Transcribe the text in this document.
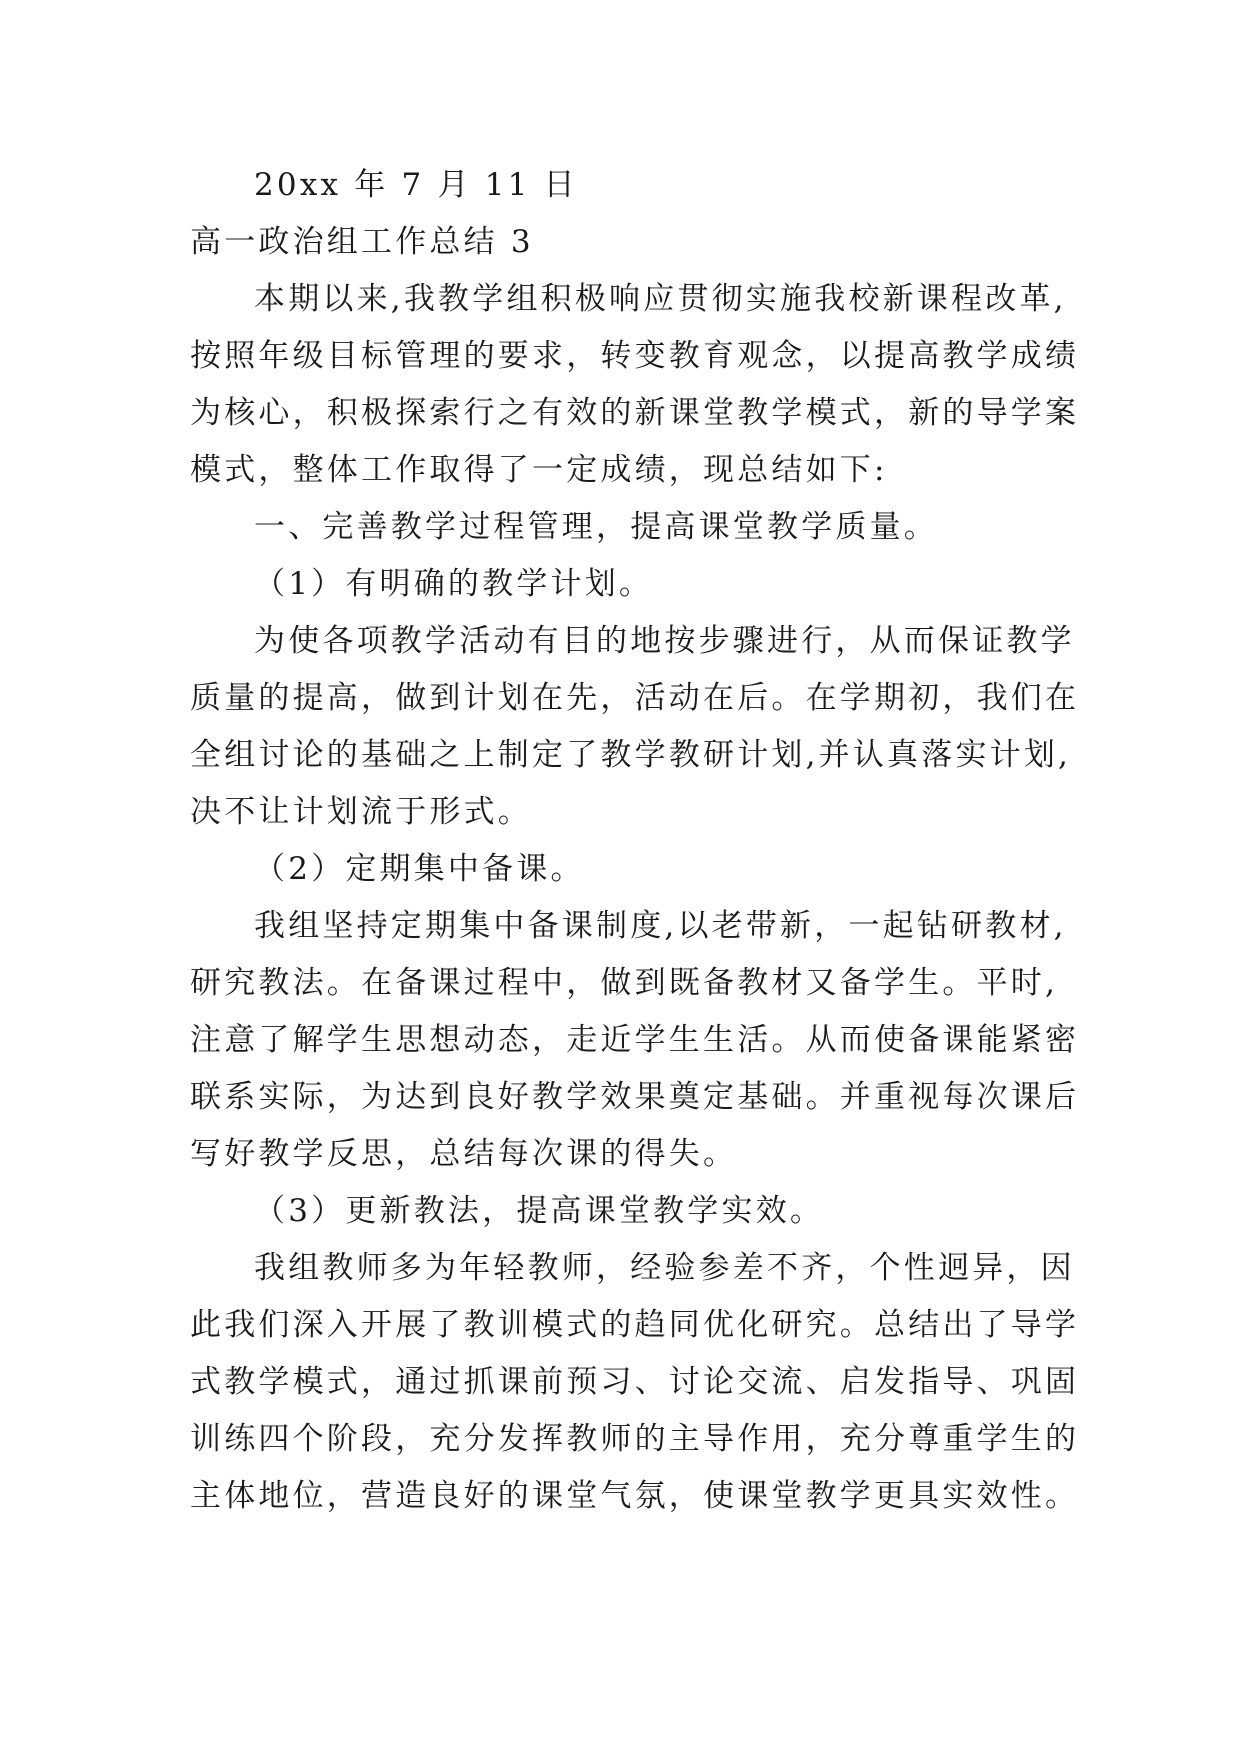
20xx 年 7 月 11 日

高一政治组工作总结 3

本期以来,我教学组积极响应贯彻实施我校新课程改革,

按照年级目标管理的要求，转变教育观念，以提高教学成绩

为核心，积极探索行之有效的新课堂教学模式，新的导学案

模式，整体工作取得了一定成绩，现总结如下:

一、完善教学过程管理，提高课堂教学质量。

（1）有明确的教学计划。

为使各项教学活动有目的地按步骤进行，从而保证教学

质量的提高，做到计划在先，活动在后。在学期初，我们在

全组讨论的基础之上制定了教学教研计划,并认真落实计划,

决不让计划流于形式。

（2）定期集中备课。

我组坚持定期集中备课制度,以老带新，一起钻研教材,

研究教法。在备课过程中，做到既备教材又备学生。平时,

注意了解学生思想动态，走近学生生活。从而使备课能紧密

联系实际，为达到良好教学效果奠定基础。并重视每次课后

写好教学反思，总结每次课的得失。

（3）更新教法，提高课堂教学实效。

我组教师多为年轻教师，经验参差不齐，个性迥异，因

此我们深入开展了教训模式的趋同优化研究。总结出了导学

式教学模式，通过抓课前预习、讨论交流、启发指导、巩固

训练四个阶段，充分发挥教师的主导作用，充分尊重学生的

主体地位，营造良好的课堂气氛，使课堂教学更具实效性。
